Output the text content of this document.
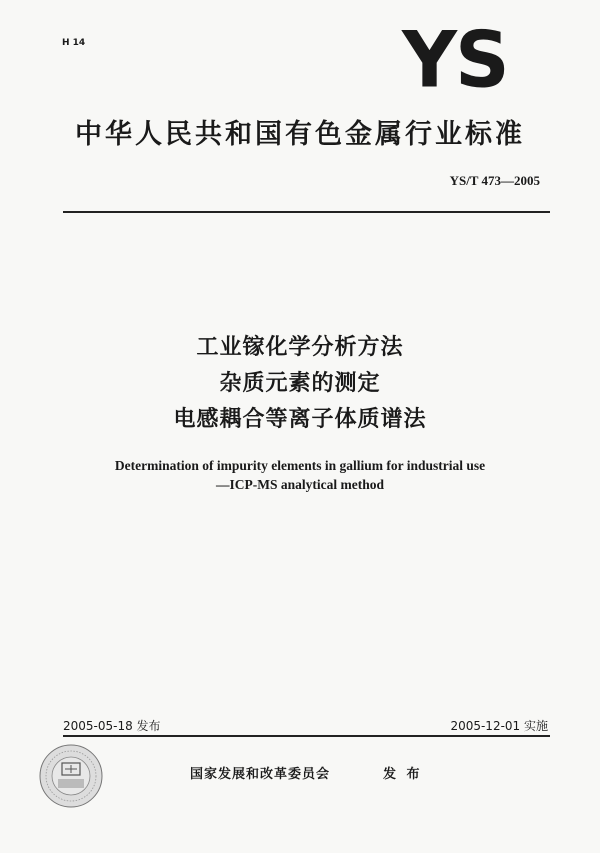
H 14	YS
中华人民共和国有色金属行业标准
YS/T 473—2005
工业镓化学分析方法
杂质元素的测定
电感耦合等离子体质谱法
Determination of impurity elements in gallium for industrial use
—ICP-MS analytical method
2005-05-18 发布	2005-12-01 实施
国家发展和改革委员会	发 布
